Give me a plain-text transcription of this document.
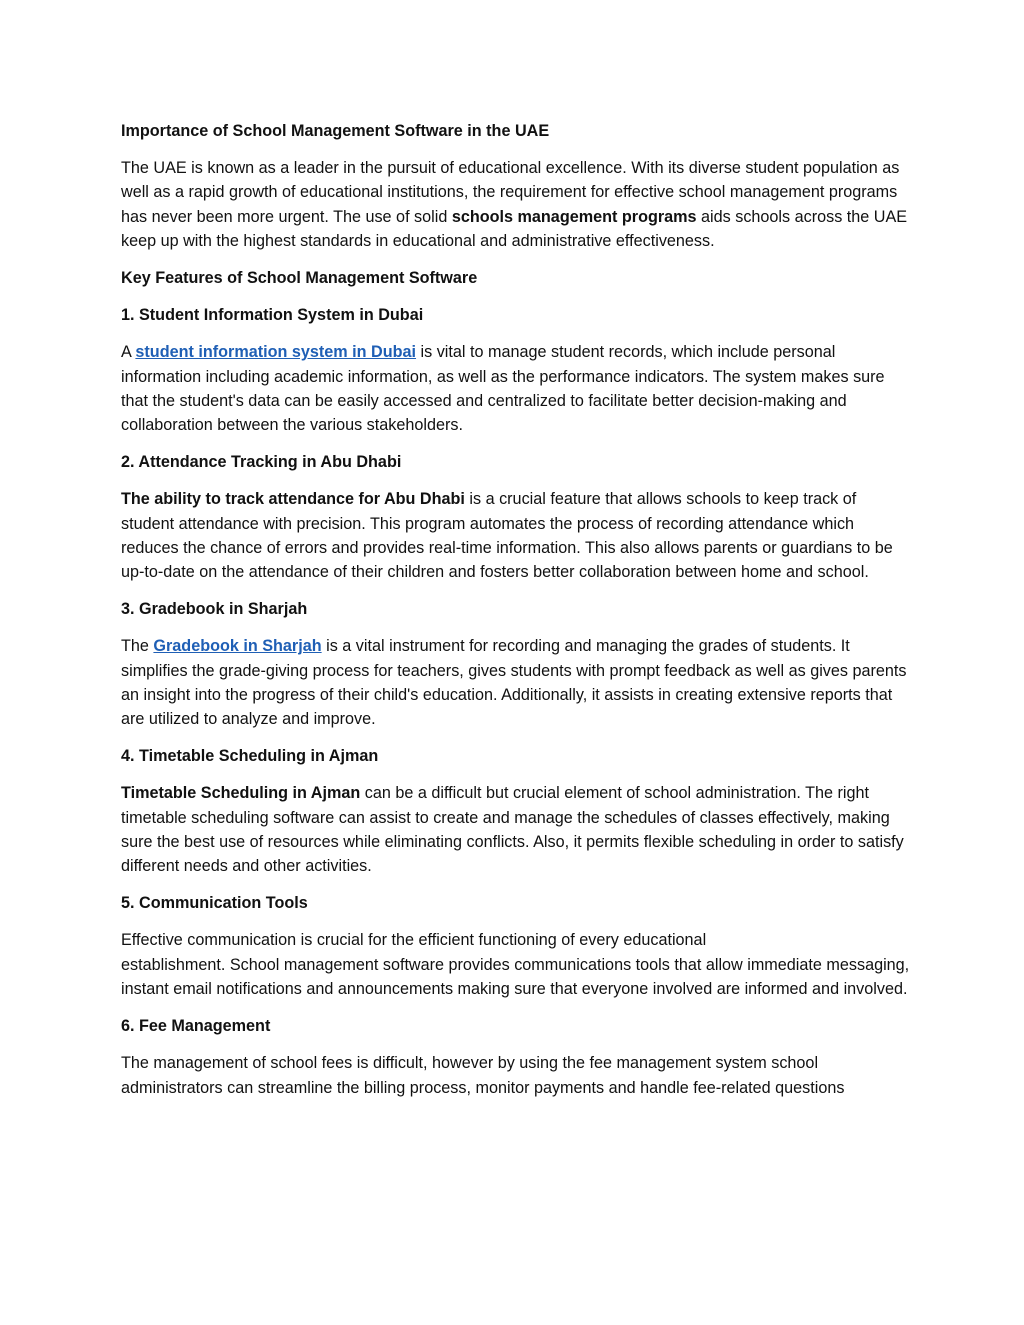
Importance of School Management Software in the UAE

The UAE is known as a leader in the pursuit of educational excellence. With its diverse student population as well as a rapid growth of educational institutions, the requirement for effective school management programs has never been more urgent. The use of solid schools management programs aids schools across the UAE keep up with the highest standards in educational and administrative effectiveness.

Key Features of School Management Software
1. Student Information System in Dubai

A student information system in Dubai is vital to manage student records, which include personal information including academic information, as well as the performance indicators. The system makes sure that the student's data can be easily accessed and centralized to facilitate better decision-making and collaboration between the various stakeholders.

2. Attendance Tracking in Abu Dhabi

The ability to track attendance for Abu Dhabi is a crucial feature that allows schools to keep track of student attendance with precision. This program automates the process of recording attendance which reduces the chance of errors and provides real-time information. This also allows parents or guardians to be up-to-date on the attendance of their children and fosters better collaboration between home and school.

3. Gradebook in Sharjah

The Gradebook in Sharjah is a vital instrument for recording and managing the grades of students. It simplifies the grade-giving process for teachers, gives students with prompt feedback as well as gives parents an insight into the progress of their child's education. Additionally, it assists in creating extensive reports that are utilized to analyze and improve.

4. Timetable Scheduling in Ajman

Timetable Scheduling in Ajman can be a difficult but crucial element of school administration. The right timetable scheduling software can assist to create and manage the schedules of classes effectively, making sure the best use of resources while eliminating conflicts. Also, it permits flexible scheduling in order to satisfy different needs and other activities.

5. Communication Tools

Effective communication is crucial for the efficient functioning of every educational
establishment. School management software provides communications tools that allow immediate messaging, instant email notifications and announcements making sure that everyone involved are informed and involved.

6. Fee Management

The management of school fees is difficult, however by using the fee management system school administrators can streamline the billing process, monitor payments and handle fee-related questions
